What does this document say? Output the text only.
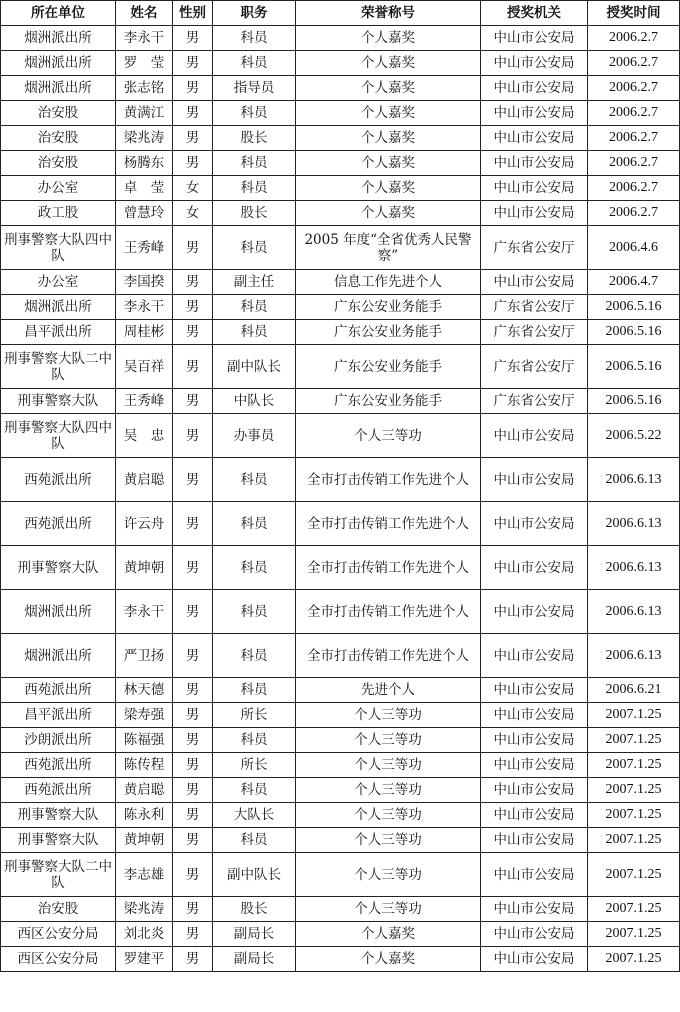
所在单位	姓名	性别	职务	荣誉称号	授奖机关	授奖时间
烟洲派出所	李永干	男	科员	个人嘉奖	中山市公安局	2006.2.7
烟洲派出所	罗　莹	男	科员	个人嘉奖	中山市公安局	2006.2.7
烟洲派出所	张志铭	男	指导员	个人嘉奖	中山市公安局	2006.2.7
治安股	黄满江	男	科员	个人嘉奖	中山市公安局	2006.2.7
治安股	梁兆涛	男	股长	个人嘉奖	中山市公安局	2006.2.7
治安股	杨腾东	男	科员	个人嘉奖	中山市公安局	2006.2.7
办公室	卓　莹	女	科员	个人嘉奖	中山市公安局	2006.2.7
政工股	曾慧玲	女	股长	个人嘉奖	中山市公安局	2006.2.7
刑事警察大队四中队	王秀峰	男	科员	2005 年度“全省优秀人民警察”	广东省公安厅	2006.4.6
办公室	李国揆	男	副主任	信息工作先进个人	中山市公安局	2006.4.7
烟洲派出所	李永干	男	科员	广东公安业务能手	广东省公安厅	2006.5.16
昌平派出所	周桂彬	男	科员	广东公安业务能手	广东省公安厅	2006.5.16
刑事警察大队二中队	吴百祥	男	副中队长	广东公安业务能手	广东省公安厅	2006.5.16
刑事警察大队	王秀峰	男	中队长	广东公安业务能手	广东省公安厅	2006.5.16
刑事警察大队四中队	吴　忠	男	办事员	个人三等功	中山市公安局	2006.5.22
西苑派出所	黄启聪	男	科员	全市打击传销工作先进个人	中山市公安局	2006.6.13
西苑派出所	许云舟	男	科员	全市打击传销工作先进个人	中山市公安局	2006.6.13
刑事警察大队	黄坤朝	男	科员	全市打击传销工作先进个人	中山市公安局	2006.6.13
烟洲派出所	李永干	男	科员	全市打击传销工作先进个人	中山市公安局	2006.6.13
烟洲派出所	严卫扬	男	科员	全市打击传销工作先进个人	中山市公安局	2006.6.13
西苑派出所	林天德	男	科员	先进个人	中山市公安局	2006.6.21
昌平派出所	梁寿强	男	所长	个人三等功	中山市公安局	2007.1.25
沙朗派出所	陈福强	男	科员	个人三等功	中山市公安局	2007.1.25
西苑派出所	陈传程	男	所长	个人三等功	中山市公安局	2007.1.25
西苑派出所	黄启聪	男	科员	个人三等功	中山市公安局	2007.1.25
刑事警察大队	陈永利	男	大队长	个人三等功	中山市公安局	2007.1.25
刑事警察大队	黄坤朝	男	科员	个人三等功	中山市公安局	2007.1.25
刑事警察大队二中队	李志雄	男	副中队长	个人三等功	中山市公安局	2007.1.25
治安股	梁兆涛	男	股长	个人三等功	中山市公安局	2007.1.25
西区公安分局	刘北炎	男	副局长	个人嘉奖	中山市公安局	2007.1.25
西区公安分局	罗建平	男	副局长	个人嘉奖	中山市公安局	2007.1.25
